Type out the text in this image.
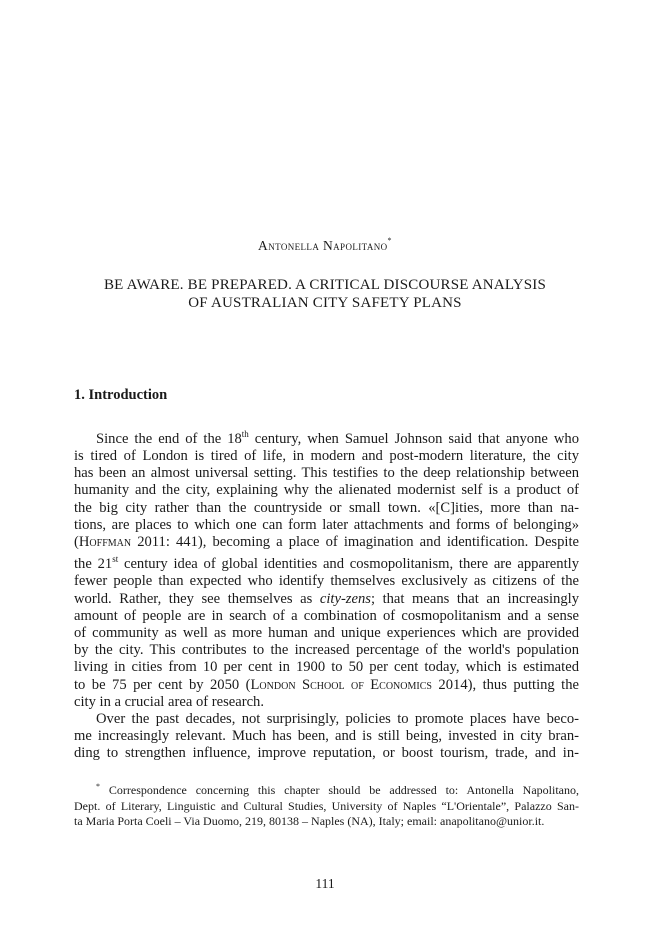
Antonella Napolitano*
BE AWARE. BE PREPARED. A CRITICAL DISCOURSE ANALYSIS
OF AUSTRALIAN CITY SAFETY PLANS
1. Introduction
Since the end of the 18th century, when Samuel Johnson said that anyone who
is tired of London is tired of life, in modern and post-modern literature, the city
has been an almost universal setting. This testifies to the deep relationship between
humanity and the city, explaining why the alienated modernist self is a product of
the big city rather than the countryside or small town. «[C]ities, more than na-
tions, are places to which one can form later attachments and forms of belonging»
(Hoffman 2011: 441), becoming a place of imagination and identification. Despite
the 21st century idea of global identities and cosmopolitanism, there are apparently
fewer people than expected who identify themselves exclusively as citizens of the
world. Rather, they see themselves as city-zens; that means that an increasingly
amount of people are in search of a combination of cosmopolitanism and a sense
of community as well as more human and unique experiences which are provided
by the city. This contributes to the increased percentage of the world's population
living in cities from 10 per cent in 1900 to 50 per cent today, which is estimated
to be 75 per cent by 2050 (London School of Economics 2014), thus putting the
city in a crucial area of research.
Over the past decades, not surprisingly, policies to promote places have beco-
me increasingly relevant. Much has been, and is still being, invested in city bran-
ding to strengthen influence, improve reputation, or boost tourism, trade, and in-
* Correspondence concerning this chapter should be addressed to: Antonella Napolitano,
Dept. of Literary, Linguistic and Cultural Studies, University of Naples “L'Orientale”, Palazzo San-
ta Maria Porta Coeli – Via Duomo, 219, 80138 – Naples (NA), Italy; email: anapolitano@unior.it.
111
